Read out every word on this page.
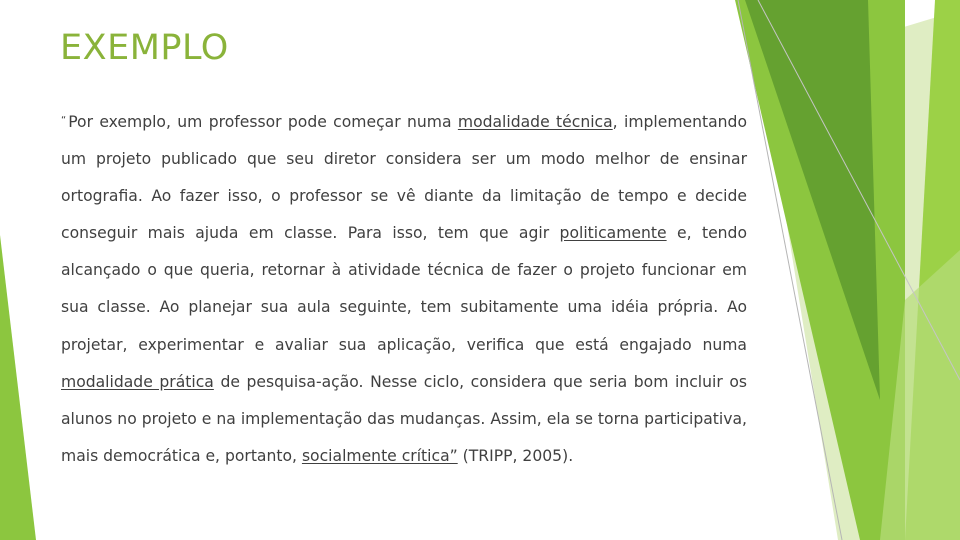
EXEMPLO

“ Por exemplo, um professor pode começar numa modalidade técnica, implementando um projeto publicado que seu diretor considera ser um modo melhor de ensinar ortografia. Ao fazer isso, o professor se vê diante da limitação de tempo e decide conseguir mais ajuda em classe. Para isso, tem que agir politicamente e, tendo alcançado o que queria, retornar à atividade técnica de fazer o projeto funcionar em sua classe. Ao planejar sua aula seguinte, tem subitamente uma idéia própria. Ao projetar, experimentar e avaliar sua aplicação, verifica que está engajado numa modalidade prática de pesquisa-ação. Nesse ciclo, considera que seria bom incluir os alunos no projeto e na implementação das mudanças. Assim, ela se torna participativa, mais democrática e, portanto, socialmente crítica” (TRIPP, 2005).
